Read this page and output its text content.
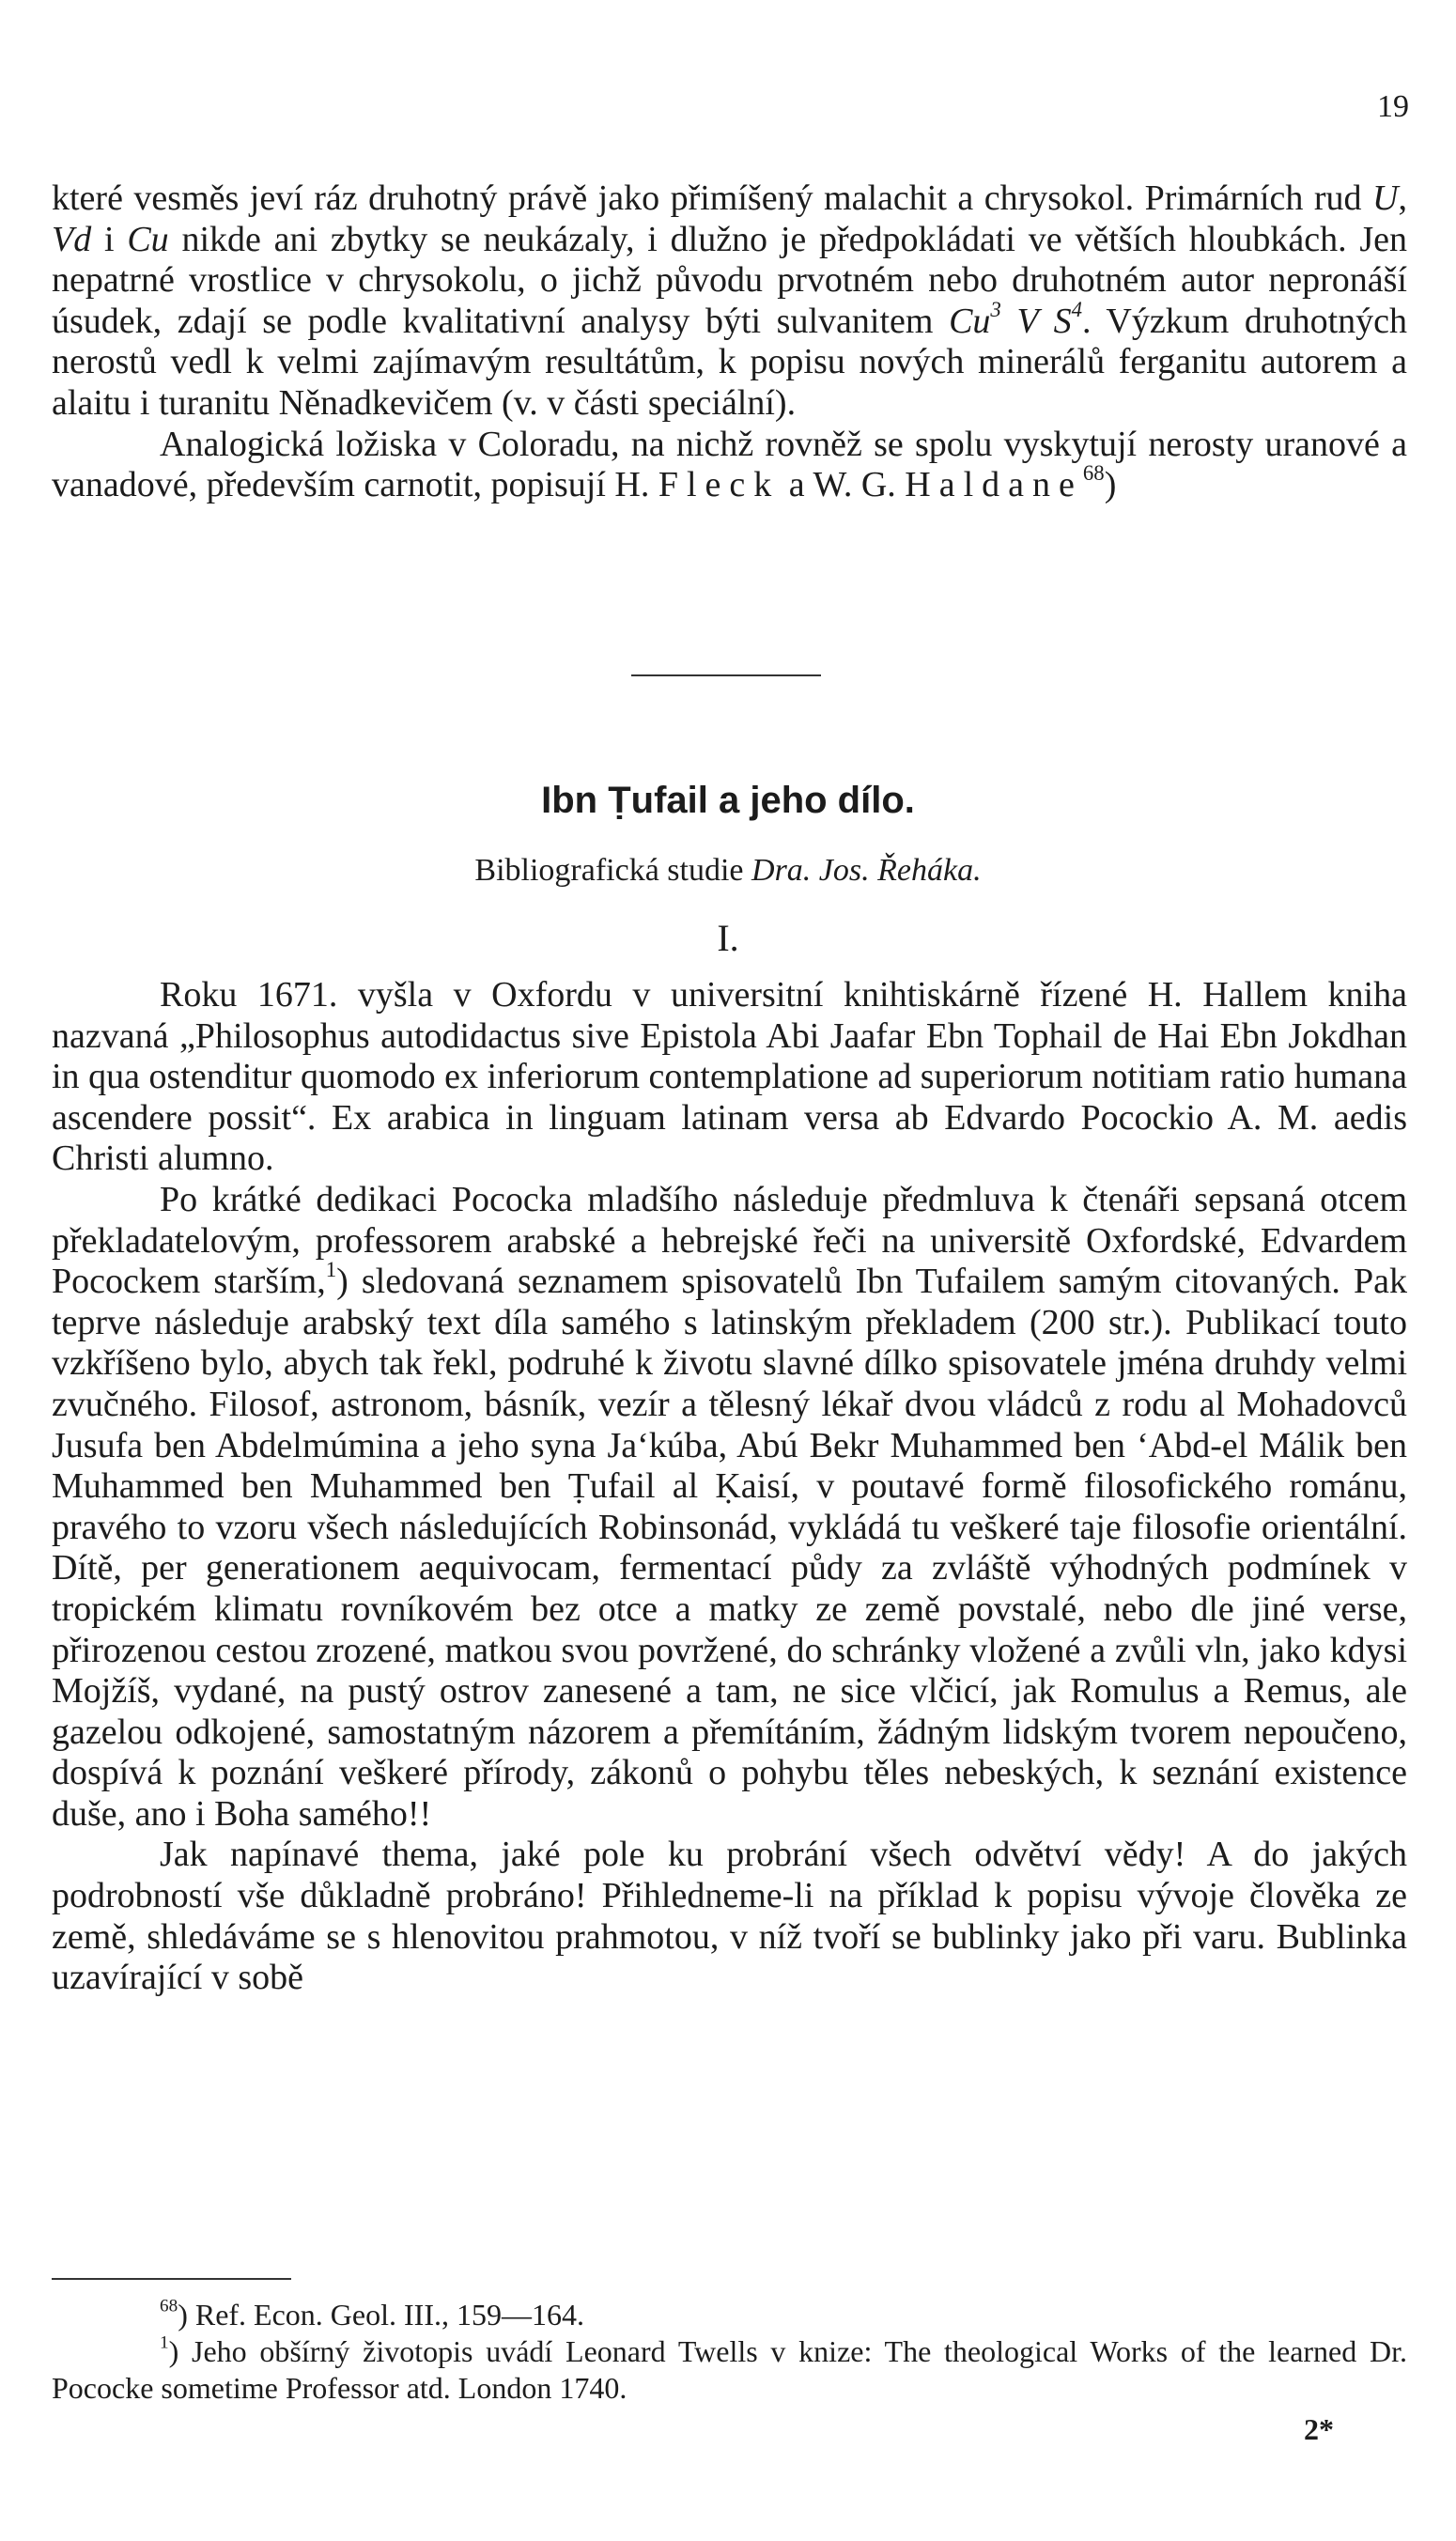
19

které vesměs jeví ráz druhotný právě jako přimíšený malachit a chrysokol. Primárních rud U, Vd i Cu nikde ani zbytky se neukázaly, i dlužno je předpokládati ve větších hloubkách. Jen nepatrné vrostlice v chrysokolu, o jichž původu prvotném nebo druhotném autor nepronáší úsudek, zdají se podle kvalitativní analysy býti sulvanitem Cu$^3$ V $S^4$. Výzkum druhotných nerostů vedl k velmi zajímavým resultátům, k popisu nových minerálů ferganitu autorem a alaitu i turanitu Něnadkevičem (v. v části speciální).

Analogická ložiska v Coloradu, na nichž rovněž se spolu vyskytují nerosty uranové a vanadové, především carnotit, popisují H. Fleck a W. G. Haldane$^{68}$)

Ibn Ṭufail a jeho dílo.
Bibliografická studie Dra. Jos. Řeháka.
I.

Roku 1671. vyšla v Oxfordu v universitní knihtiskárně řízené H. Hallem kniha nazvaná „Philosophus autodidactus sive Epistola Abi Jaafar Ebn Tophail de Hai Ebn Jokdhan in qua ostenditur quomodo ex inferiorum contemplatione ad superiorum notitiam ratio humana ascendere possit“. Ex arabica in linguam latinam versa ab Edvardo Pocockio A. M. aedis Christi alumno.

Po krátké dedikaci Pococka mladšího následuje předmluva k čtenáři sepsaná otcem překladatelovým, professorem arabské a hebrejské řeči na universitě Oxfordské, Edvardem Pocockem starším,$^1$) sledovaná seznamem spisovatelů Ibn Tufailem samým citovaných. Pak teprve následuje arabský text díla samého s latinským překladem (200 str.). Publikací touto vzkříšeno bylo, abych tak řekl, podruhé k životu slavné dílko spisovatele jména druhdy velmi zvučného. Filosof, astronom, básník, vezír a tělesný lékař dvou vládců z rodu al Mohadovců Jusufa ben Abdelmúmina a jeho syna Ja‘kúba, Abú Bekr Muhammed ben ‘Abd-el Málik ben Muhammed ben Muhammed ben Ṭufail al Ḳaisí, v poutavé formě filosofického románu, pravého to vzoru všech následujících Robinsonád, vykládá tu veškeré taje filosofie orientální. Dítě, per generationem aequivocam, fermentací půdy za zvláště výhodných podmínek v tropickém klimatu rovníkovém bez otce a matky ze země povstalé, nebo dle jiné verse, přirozenou cestou zrozené, matkou svou povržené, do schránky vložené a zvůli vln, jako kdysi Mojžíš, vydané, na pustý ostrov zanesené a tam, ne sice vlčicí, jak Romulus a Remus, ale gazelou odkojené, samostatným názorem a přemítáním, žádným lidským tvorem nepoučeno, dospívá k poznání veškeré přírody, zákonů o pohybu těles nebeských, k seznání existence duše, ano i Boha samého!!

Jak napínavé thema, jaké pole ku probrání všech odvětví vědy! A do jakých podrobností vše důkladně probráno! Přihledneme-li na příklad k popisu vývoje člověka ze země, shledáváme se s hlenovitou prahmotou, v níž tvoří se bublinky jako při varu. Bublinka uzavírající v sobě

$^{68}$) Ref. Econ. Geol. III., 159—164.

$^1$) Jeho obšírný životopis uvádí Leonard Twells v knize: The theological Works of the learned Dr. Pococke sometime Professor atd. London 1740.

2*
